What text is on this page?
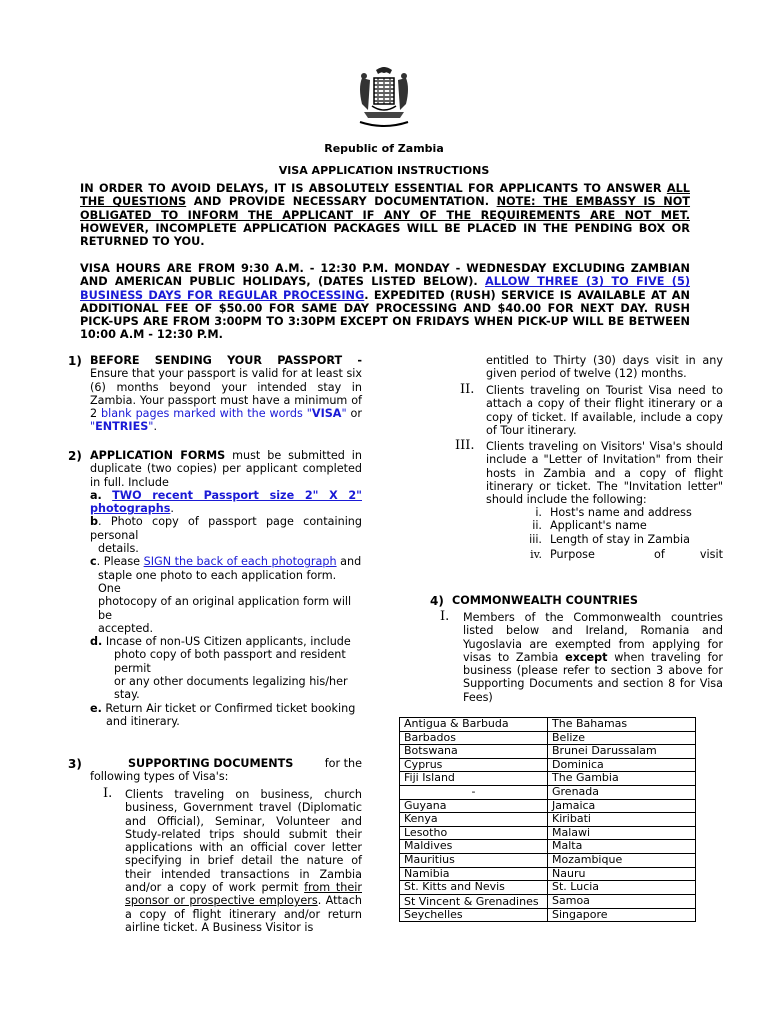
Republic of Zambia
VISA APPLICATION INSTRUCTIONS

IN ORDER TO AVOID DELAYS, IT IS ABSOLUTELY ESSENTIAL FOR APPLICANTS TO ANSWER ALL THE QUESTIONS AND PROVIDE NECESSARY DOCUMENTATION. NOTE: THE EMBASSY IS NOT OBLIGATED TO INFORM THE APPLICANT IF ANY OF THE REQUIREMENTS ARE NOT MET. HOWEVER, INCOMPLETE APPLICATION PACKAGES WILL BE PLACED IN THE PENDING BOX OR RETURNED TO YOU.

VISA HOURS ARE FROM 9:30 A.M. - 12:30 P.M. MONDAY - WEDNESDAY EXCLUDING ZAMBIAN AND AMERICAN PUBLIC HOLIDAYS, (DATES LISTED BELOW). ALLOW THREE (3) TO FIVE (5) BUSINESS DAYS FOR REGULAR PROCESSING. EXPEDITED (RUSH) SERVICE IS AVAILABLE AT AN ADDITIONAL FEE OF $50.00 FOR SAME DAY PROCESSING AND $40.00 FOR NEXT DAY. RUSH PICK-UPS ARE FROM 3:00PM TO 3:30PM EXCEPT ON FRIDAYS WHEN PICK-UP WILL BE BETWEEN 10:00 A.M - 12:30 P.M.

1) BEFORE SENDING YOUR PASSPORT - Ensure that your passport is valid for at least six (6) months beyond your intended stay in Zambia. Your passport must have a minimum of 2 blank pages marked with the words "VISA" or "ENTRIES".

2) APPLICATION FORMS must be submitted in duplicate (two copies) per applicant completed in full. Include

a. TWO recent Passport size 2" X 2" photographs.

b. Photo copy of passport page containing personal

details.

c. Please SIGN the back of each photograph and

staple one photo to each application form. One

photocopy of an original application form will be

accepted.

d. Incase of non-US Citizen applicants, include

photo copy of both passport and resident permit

or any other documents legalizing his/her stay.

e. Return Air ticket or Confirmed ticket booking

and itinerary.

3)	SUPPORTING DOCUMENTS	for the

following types of Visa's:

I. Clients traveling on business, church business, Government travel (Diplomatic and Official), Seminar, Volunteer and Study-related trips should submit their applications with an official cover letter specifying in brief detail the nature of their intended transactions in Zambia and/or a copy of work permit from their sponsor or prospective employers. Attach a copy of flight itinerary and/or return airline ticket. A Business Visitor is

entitled to Thirty (30) days visit in any given period of twelve (12) months.

II. Clients traveling on Tourist Visa need to attach a copy of their flight itinerary or a copy of ticket. If available, include a copy of Tour itinerary.

III. Clients traveling on Visitors' Visa's should include a "Letter of Invitation" from their hosts in Zambia and a copy of flight itinerary or ticket. The "Invitation letter" should include the following:

i. Host's name and address
ii. Applicant's name
iii. Length of stay in Zambia
iv. Purpose	of	visit
4) COMMONWEALTH COUNTRIES
I. Members of the Commonwealth countries listed below and Ireland, Romania and Yugoslavia are exempted from applying for visas to Zambia except when traveling for business (please refer to section 3 above for Supporting Documents and section 8 for Visa Fees)

Antigua & Barbuda	The Bahamas
Barbados	Belize
Botswana	Brunei Darussalam
Cyprus	Dominica
Fiji Island	The Gambia
-	Grenada
Guyana	Jamaica
Kenya	Kiribati
Lesotho	Malawi
Maldives	Malta
Mauritius	Mozambique
Namibia	Nauru
St. Kitts and Nevis	St. Lucia
St Vincent & Grenadines	Samoa
Seychelles	Singapore
